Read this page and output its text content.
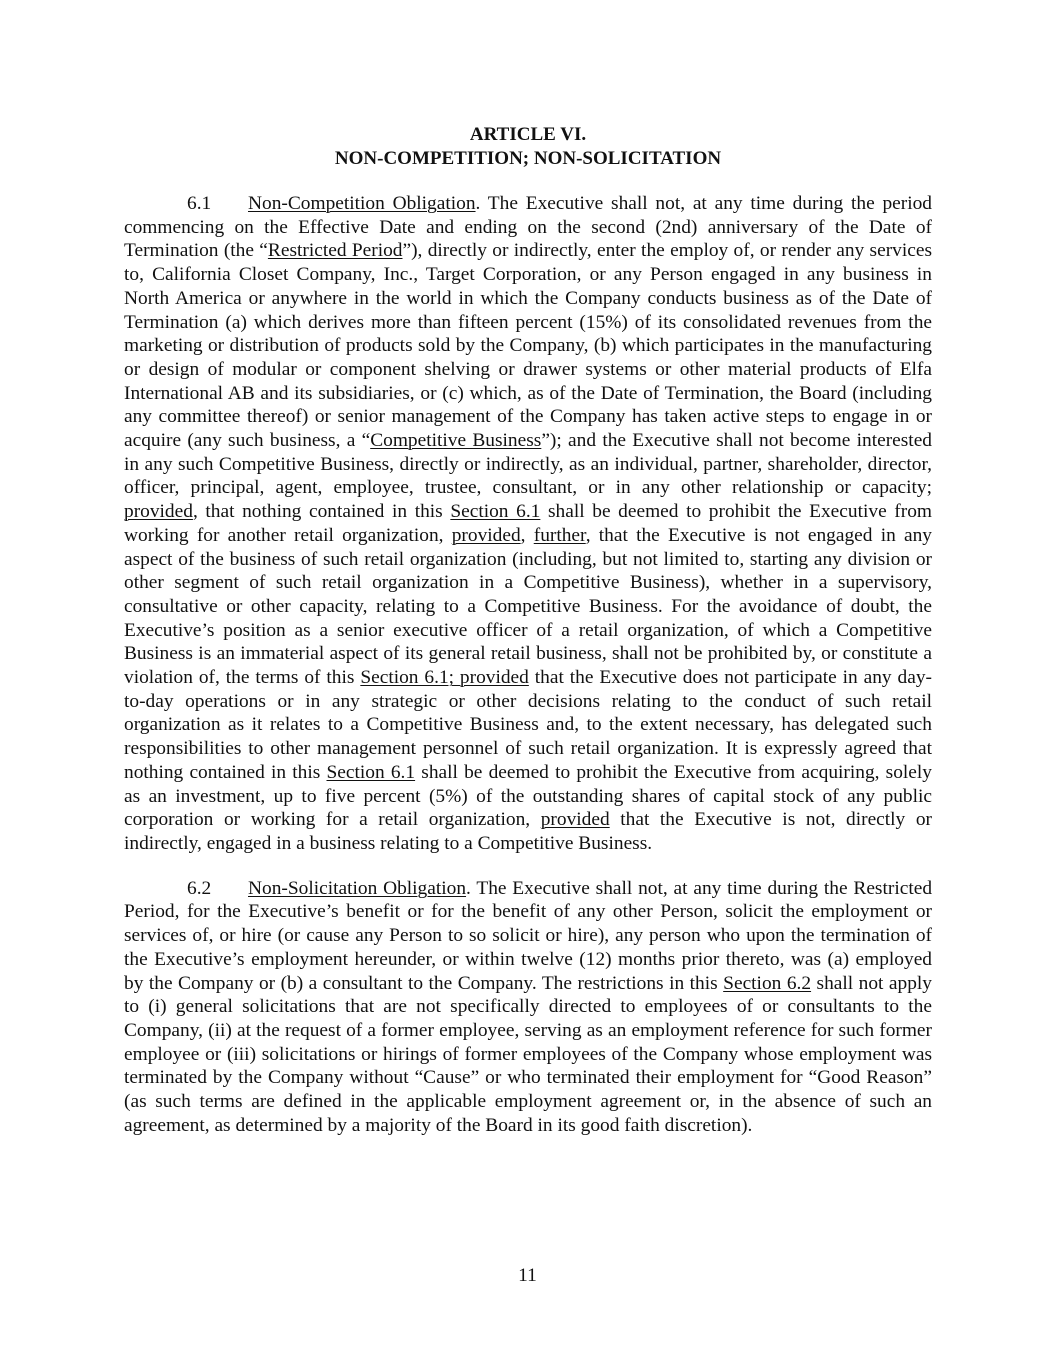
ARTICLE VI.
NON-COMPETITION; NON-SOLICITATION

6.1 Non-Competition Obligation. The Executive shall not, at any time during the period commencing on the Effective Date and ending on the second (2nd) anniversary of the Date of Termination (the “Restricted Period”), directly or indirectly, enter the employ of, or render any services to, California Closet Company, Inc., Target Corporation, or any Person engaged in any business in North America or anywhere in the world in which the Company conducts business as of the Date of Termination (a) which derives more than fifteen percent (15%) of its consolidated revenues from the marketing or distribution of products sold by the Company, (b) which participates in the manufacturing or design of modular or component shelving or drawer systems or other material products of Elfa International AB and its subsidiaries, or (c) which, as of the Date of Termination, the Board (including any committee thereof) or senior management of the Company has taken active steps to engage in or acquire (any such business, a “Competitive Business”); and the Executive shall not become interested in any such Competitive Business, directly or indirectly, as an individual, partner, shareholder, director, officer, principal, agent, employee, trustee, consultant, or in any other relationship or capacity; provided, that nothing contained in this Section 6.1 shall be deemed to prohibit the Executive from working for another retail organization, provided, further, that the Executive is not engaged in any aspect of the business of such retail organization (including, but not limited to, starting any division or other segment of such retail organization in a Competitive Business), whether in a supervisory, consultative or other capacity, relating to a Competitive Business. For the avoidance of doubt, the Executive’s position as a senior executive officer of a retail organization, of which a Competitive Business is an immaterial aspect of its general retail business, shall not be prohibited by, or constitute a violation of, the terms of this Section 6.1; provided that the Executive does not participate in any day-to-day operations or in any strategic or other decisions relating to the conduct of such retail organization as it relates to a Competitive Business and, to the extent necessary, has delegated such responsibilities to other management personnel of such retail organization. It is expressly agreed that nothing contained in this Section 6.1 shall be deemed to prohibit the Executive from acquiring, solely as an investment, up to five percent (5%) of the outstanding shares of capital stock of any public corporation or working for a retail organization, provided that the Executive is not, directly or indirectly, engaged in a business relating to a Competitive Business.

6.2 Non-Solicitation Obligation. The Executive shall not, at any time during the Restricted Period, for the Executive’s benefit or for the benefit of any other Person, solicit the employment or services of, or hire (or cause any Person to so solicit or hire), any person who upon the termination of the Executive’s employment hereunder, or within twelve (12) months prior thereto, was (a) employed by the Company or (b) a consultant to the Company. The restrictions in this Section 6.2 shall not apply to (i) general solicitations that are not specifically directed to employees of or consultants to the Company, (ii) at the request of a former employee, serving as an employment reference for such former employee or (iii) solicitations or hirings of former employees of the Company whose employment was terminated by the Company without “Cause” or who terminated their employment for “Good Reason” (as such terms are defined in the applicable employment agreement or, in the absence of such an agreement, as determined by a majority of the Board in its good faith discretion).

11
